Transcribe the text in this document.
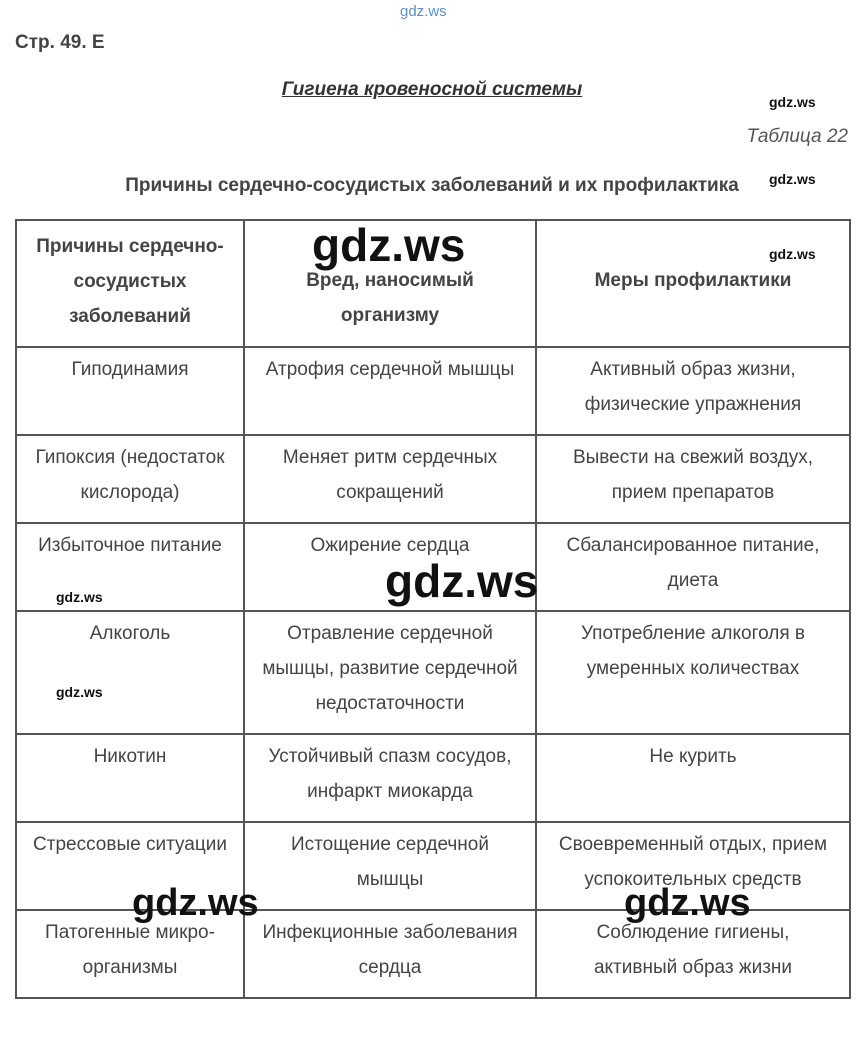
gdz.ws
Стр. 49. Е
Гигиена кровеносной системы
gdz.ws
Таблица 22
Причины сердечно-сосудистых заболеваний и их профилактика	gdz.ws
Причины сердечно-
сосудистых
заболеваний	Вред, наносимый
организму	Меры профилактики

Гиподинамия	Атрофия сердечной мышцы	Активный образ жизни,
физические упражнения

Гипоксия (недостаток
кислорода)	Меняет ритм сердечных
сокращений	Вывести на свежий воздух,
прием препаратов

Избыточное питание	Ожирение сердца	Сбалансированное питание,
диета

Алкоголь	Отравление сердечной
мышцы, развитие сердечной
недостаточности	Употребление алкоголя в
умеренных количествах

Никотин	Устойчивый спазм сосудов,
инфаркт миокарда	Не курить

Стрессовые ситуации	Истощение сердечной
мышцы	Своевременный отдых, прием
успокоительных средств

Патогенные микро-
организмы	Инфекционные заболевания
сердца	Соблюдение гигиены,
активный образ жизни
gdz.ws
gdz.ws
gdz.ws
gdz.ws
gdz.ws
gdz.ws	gdz.ws
